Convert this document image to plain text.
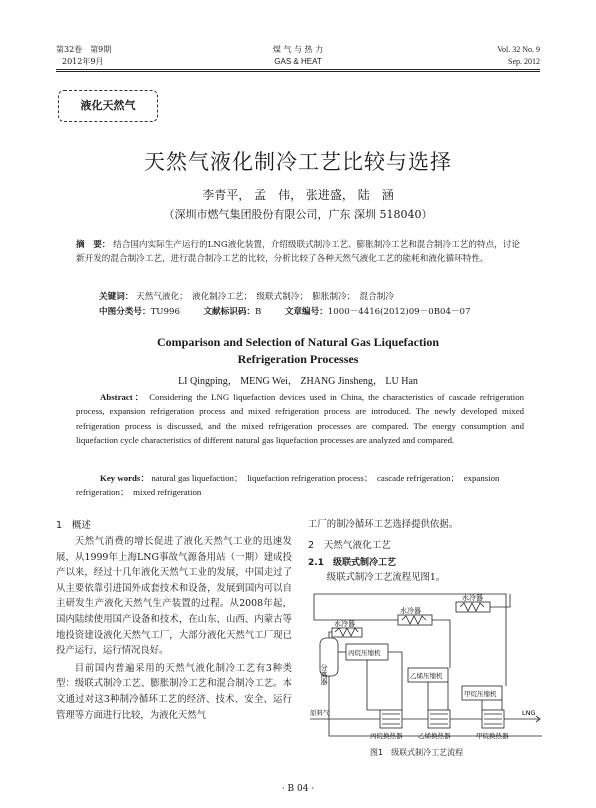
第32卷　第9期
2012年9月
煤 气 与 热 力
GAS & HEAT
Vol. 32 No. 9
Sep. 2012
液化天然气
天然气液化制冷工艺比较与选择
李青平， 孟　伟， 张进盛， 陆　涵
（深圳市燃气集团股份有限公司，广东 深圳 518040）
摘　要： 结合国内实际生产运行的LNG液化装置，介绍级联式制冷工艺、膨胀制冷工艺和混合制冷工艺的特点，讨论新开发的混合制冷工艺，进行混合制冷工艺的比较，分析比较了各种天然气液化工艺的能耗和液化循环特性。
关键词： 天然气液化；　液化制冷工艺；　级联式制冷；　膨胀制冷；　混合制冷
中图分类号：TU996	文献标识码：B	文章编号：1000－4416(2012)09－0B04－07
Comparison and Selection of Natural Gas Liquefaction
Refrigeration Processes
LI Qingping， MENG Wei， ZHANG Jinsheng， LU Han
Abstract： Considering the LNG liquefaction devices used in China, the characteristics of cascade refrigeration process, expansion refrigeration process and mixed refrigeration process are introduced. The newly developed mixed refrigeration process is discussed, and the mixed refrigeration processes are compared. The energy consumption and liquefaction cycle characteristics of different natural gas liquefaction processes are analyzed and compared.
Key words： natural gas liquefaction；　liquefaction refrigeration process；　cascade refrigeration；　expansion refrigeration；　mixed refrigeration
1　概述
天然气消费的增长促进了液化天然气工业的迅速发展，从1999年上海LNG事故气源备用站（一期）建成投产以来，经过十几年液化天然气工业的发展，中国走过了从主要依靠引进国外成套技术和设备，发展到国内可以自主研发生产液化天然气生产装置的过程。从2008年起，国内陆续使用国产设备和技术，在山东、山西、内蒙古等地投资建设液化天然气工厂，大部分液化天然气工厂现已投产运行，运行情况良好。
目前国内普遍采用的天然气液化制冷工艺有3种类型：级联式制冷工艺、膨胀制冷工艺和混合制冷工艺。本文通过对这3种制冷循环工艺的经济、技术、安全、运行管理等方面进行比较，为液化天然气
工厂的制冷循环工艺选择提供依据。
2　天然气液化工艺
2.1　级联式制冷工艺
级联式制冷工艺流程见图1。
水冷器
水冷器
水冷器
分离器
丙烷压缩机
乙烯压缩机
甲烷压缩机
原料气	LNG
丙烷换热器 乙烯换热器	甲烷换热器
图1　级联式制冷工艺流程
· B 04 ·
